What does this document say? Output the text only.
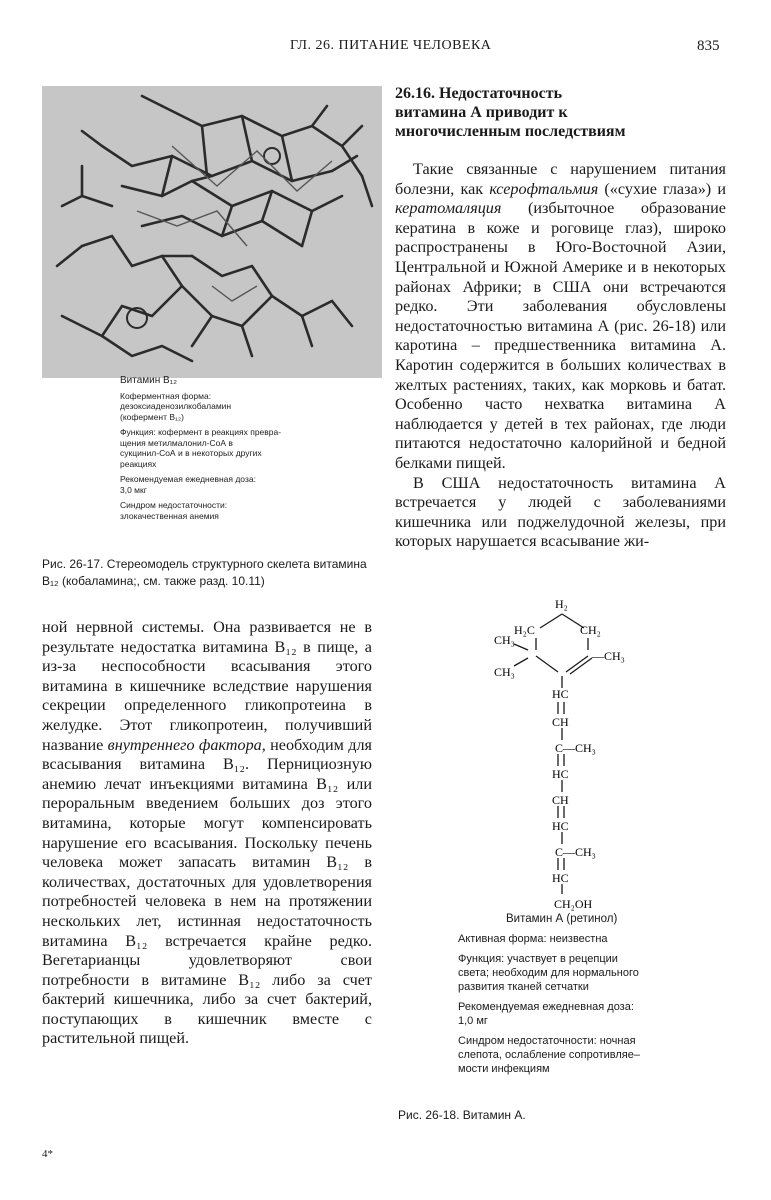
ГЛ. 26. ПИТАНИЕ ЧЕЛОВЕКА	835
Витамин B₁₂
Коферментная форма:
дезоксиаденозилкобаламин
(кофермент B₁₂)
Функция: кофермент в реакциях превра-
щения метилмалонил-СоА в
сукцинил-СоА и в некоторых других
реакциях
Рекомендуемая ежедневная доза:
3,0 мкг
Синдром недостаточности:
злокачественная анемия
Рис. 26-17. Стереомодель структурного скелета витамина B₁₂ (кобаламина;, см. также разд. 10.11)
26.16. Недостаточность
витамина А приводит к
многочисленным последствиям

Такие связанные с нарушением питания болезни, как ксерофтальмия («сухие глаза») и кератомаляция (избыточное образование кератина в коже и роговице глаз), широко распространены в Юго-Восточной Азии, Центральной и Южной Америке и в некоторых районах Африки; в США они встречаются редко. Эти заболевания обусловлены недостаточностью витамина А (рис. 26-18) или каротина – предшественника витамина А. Каротин содержится в больших количествах в желтых растениях, таких, как морковь и батат. Особенно часто нехватка витамина А наблюдается у детей в тех районах, где люди питаются недостаточно калорийной и бедной белками пищей.

В США недостаточность витамина А встречается у людей с заболеваниями кишечника или поджелудочной железы, при которых нарушается всасывание жи-

ной нервной системы. Она развивается не в результате недостатка витамина B₁₂ в пище, а из-за неспособности всасывания этого витамина в кишечнике вследствие нарушения секреции определенного гликопротеина в желудке. Этот гликопротеин, получивший название внутреннего фактора, необходим для всасывания витамина B₁₂. Пернициозную анемию лечат инъекциями витамина B₁₂ или пероральным введением больших доз этого витамина, которые могут компенсировать нарушение его всасывания. Поскольку печень человека может запасать витамин B₁₂ в количествах, достаточных для удовлетворения потребностей человека в нем на протяжении нескольких лет, истинная недостаточность витамина B₁₂ встречается крайне редко. Вегетарианцы удовлетворяют свои потребности в витамине B₁₂ либо за счет бактерий кишечника, либо за счет бактерий, поступающих в кишечник вместе с растительной пищей.

H₂
H₂C	CH₂
CH₃
CH₃
—CH₃
HC
CH
C—CH₃
HC
CH
HC
C—CH₃
HC
CH₂OH
Витамин А (ретинол)
Активная форма: неизвестна
Функция: участвует в рецепции
света; необходим для нормального
развития тканей сетчатки
Рекомендуемая ежедневная доза:
1,0 мг
Синдром недостаточности: ночная
слепота, ослабление сопротивляе–
мости инфекциям
Рис. 26-18. Витамин А.
4*
